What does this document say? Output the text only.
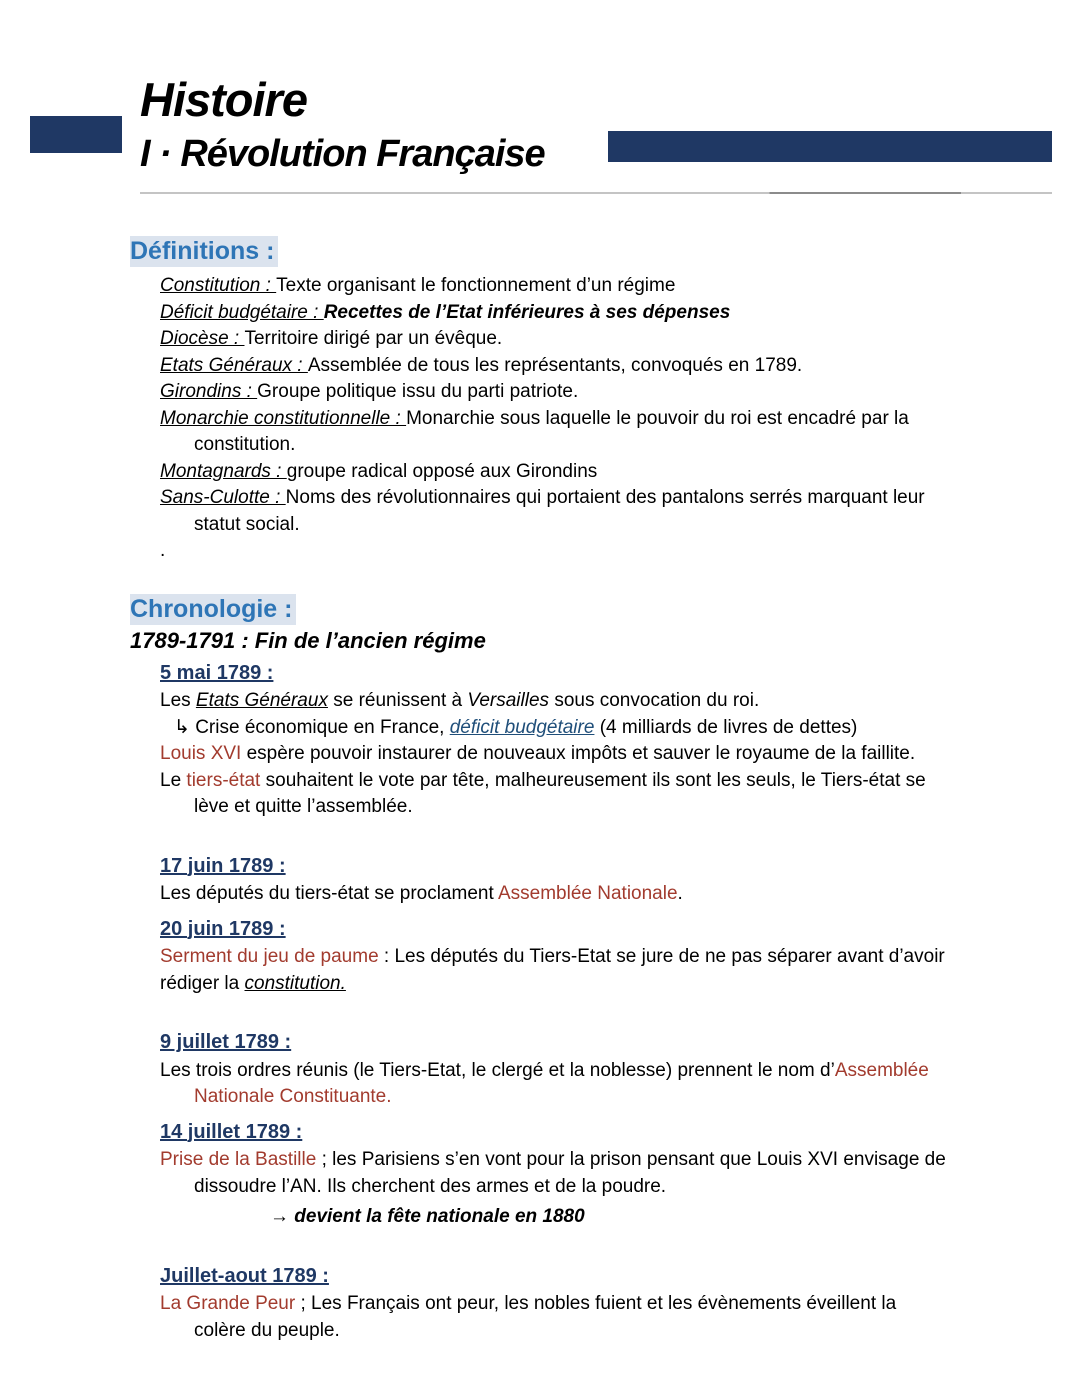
Histoire
I · Révolution Française
Définitions :

Constitution : Texte organisant le fonctionnement d’un régime

Déficit budgétaire : Recettes de l’Etat inférieures à ses dépenses

Diocèse : Territoire dirigé par un évêque.

Etats Généraux : Assemblée de tous les représentants, convoqués en 1789.

Girondins : Groupe politique issu du parti patriote.

Monarchie constitutionnelle : Monarchie sous laquelle le pouvoir du roi est encadré par la constitution.

Montagnards : groupe radical opposé aux Girondins

Sans-Culotte : Noms des révolutionnaires qui portaient des pantalons serrés marquant leur statut social.

.

Chronologie :

1789-1791 : Fin de l’ancien régime

5 mai 1789 :

Les Etats Généraux se réunissent à Versailles sous convocation du roi.

↳ Crise économique en France, déficit budgétaire (4 milliards de livres de dettes)

Louis XVI espère pouvoir instaurer de nouveaux impôts et sauver le royaume de la faillite.

Le tiers-état souhaitent le vote par tête, malheureusement ils sont les seuls, le Tiers-état se lève et quitte l’assemblée.

17 juin 1789 :

Les députés du tiers-état se proclament Assemblée Nationale.

20 juin 1789 :

Serment du jeu de paume : Les députés du Tiers-Etat se jure de ne pas séparer avant d’avoir rédiger la constitution.

9 juillet 1789 :

Les trois ordres réunis (le Tiers-Etat, le clergé et la noblesse) prennent le nom d’Assemblée Nationale Constituante.

14 juillet 1789 :

Prise de la Bastille ; les Parisiens s’en vont pour la prison pensant que Louis XVI envisage de dissoudre l’AN. Ils cherchent des armes et de la poudre.

→ devient la fête nationale en 1880

Juillet-aout 1789 :

La Grande Peur ; Les Français ont peur, les nobles fuient et les évènements éveillent la colère du peuple.
